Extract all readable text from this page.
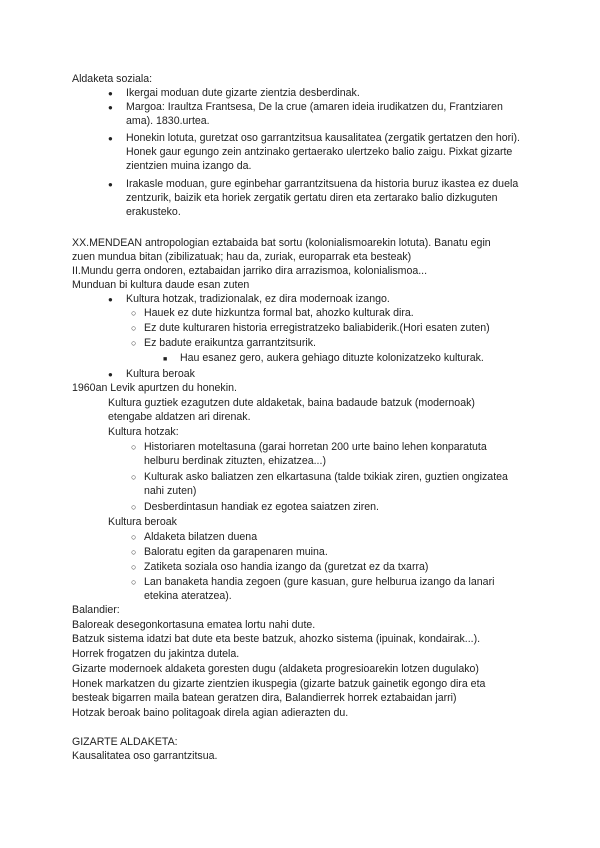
Aldaketa soziala:
● Ikergai moduan dute gizarte zientzia desberdinak.
● Margoa: Iraultza Frantsesa, De la crue (amaren ideia irudikatzen du, Frantziaren
ama). 1830.urtea.
● Honekin lotuta, guretzat oso garrantzitsua kausalitatea (zergatik gertatzen den hori).
Honek gaur egungo zein antzinako gertaerako ulertzeko balio zaigu. Pixkat gizarte
zientzien muina izango da.
● Irakasle moduan, gure eginbehar garrantzitsuena da historia buruz ikastea ez duela
zentzurik, baizik eta horiek zergatik gertatu diren eta zertarako balio dizkuguten
erakusteko.
XX.MENDEAN antropologian eztabaida bat sortu (kolonialismoarekin lotuta). Banatu egin
zuen mundua bitan (zibilizatuak; hau da, zuriak, europarrak eta besteak)
II.Mundu gerra ondoren, eztabaidan jarriko dira arrazismoa, kolonialismoa...
Munduan bi kultura daude esan zuten
● Kultura hotzak, tradizionalak, ez dira modernoak izango.
○ Hauek ez dute hizkuntza formal bat, ahozko kulturak dira.
○ Ez dute kulturaren historia erregistratzeko baliabiderik.(Hori esaten zuten)
○ Ez badute eraikuntza garrantzitsurik.
■ Hau esanez gero, aukera gehiago dituzte kolonizatzeko kulturak.
● Kultura beroak
1960an Levik apurtzen du honekin.
Kultura guztiek ezagutzen dute aldaketak, baina badaude batzuk (modernoak)
etengabe aldatzen ari direnak.
Kultura hotzak:
○ Historiaren moteltasuna (garai horretan 200 urte baino lehen konparatuta
helburu berdinak zituzten, ehizatzea...)
○ Kulturak asko baliatzen zen elkartasuna (talde txikiak ziren, guztien ongizatea
nahi zuten)
○ Desberdintasun handiak ez egotea saiatzen ziren.
Kultura beroak
○ Aldaketa bilatzen duena
○ Baloratu egiten da garapenaren muina.
○ Zatiketa soziala oso handia izango da (guretzat ez da txarra)
○ Lan banaketa handia zegoen (gure kasuan, gure helburua izango da lanari
etekina ateratzea).
Balandier:
Baloreak desegonkortasuna ematea lortu nahi dute.
Batzuk sistema idatzi bat dute eta beste batzuk, ahozko sistema (ipuinak, kondairak...).
Horrek frogatzen du jakintza dutela.
Gizarte modernoek aldaketa goresten dugu (aldaketa progresioarekin lotzen dugulako)
Honek markatzen du gizarte zientzien ikuspegia (gizarte batzuk gainetik egongo dira eta
besteak bigarren maila batean geratzen dira, Balandierrek horrek eztabaidan jarri)
Hotzak beroak baino politagoak direla agian adierazten du.
GIZARTE ALDAKETA:
Kausalitatea oso garrantzitsua.
